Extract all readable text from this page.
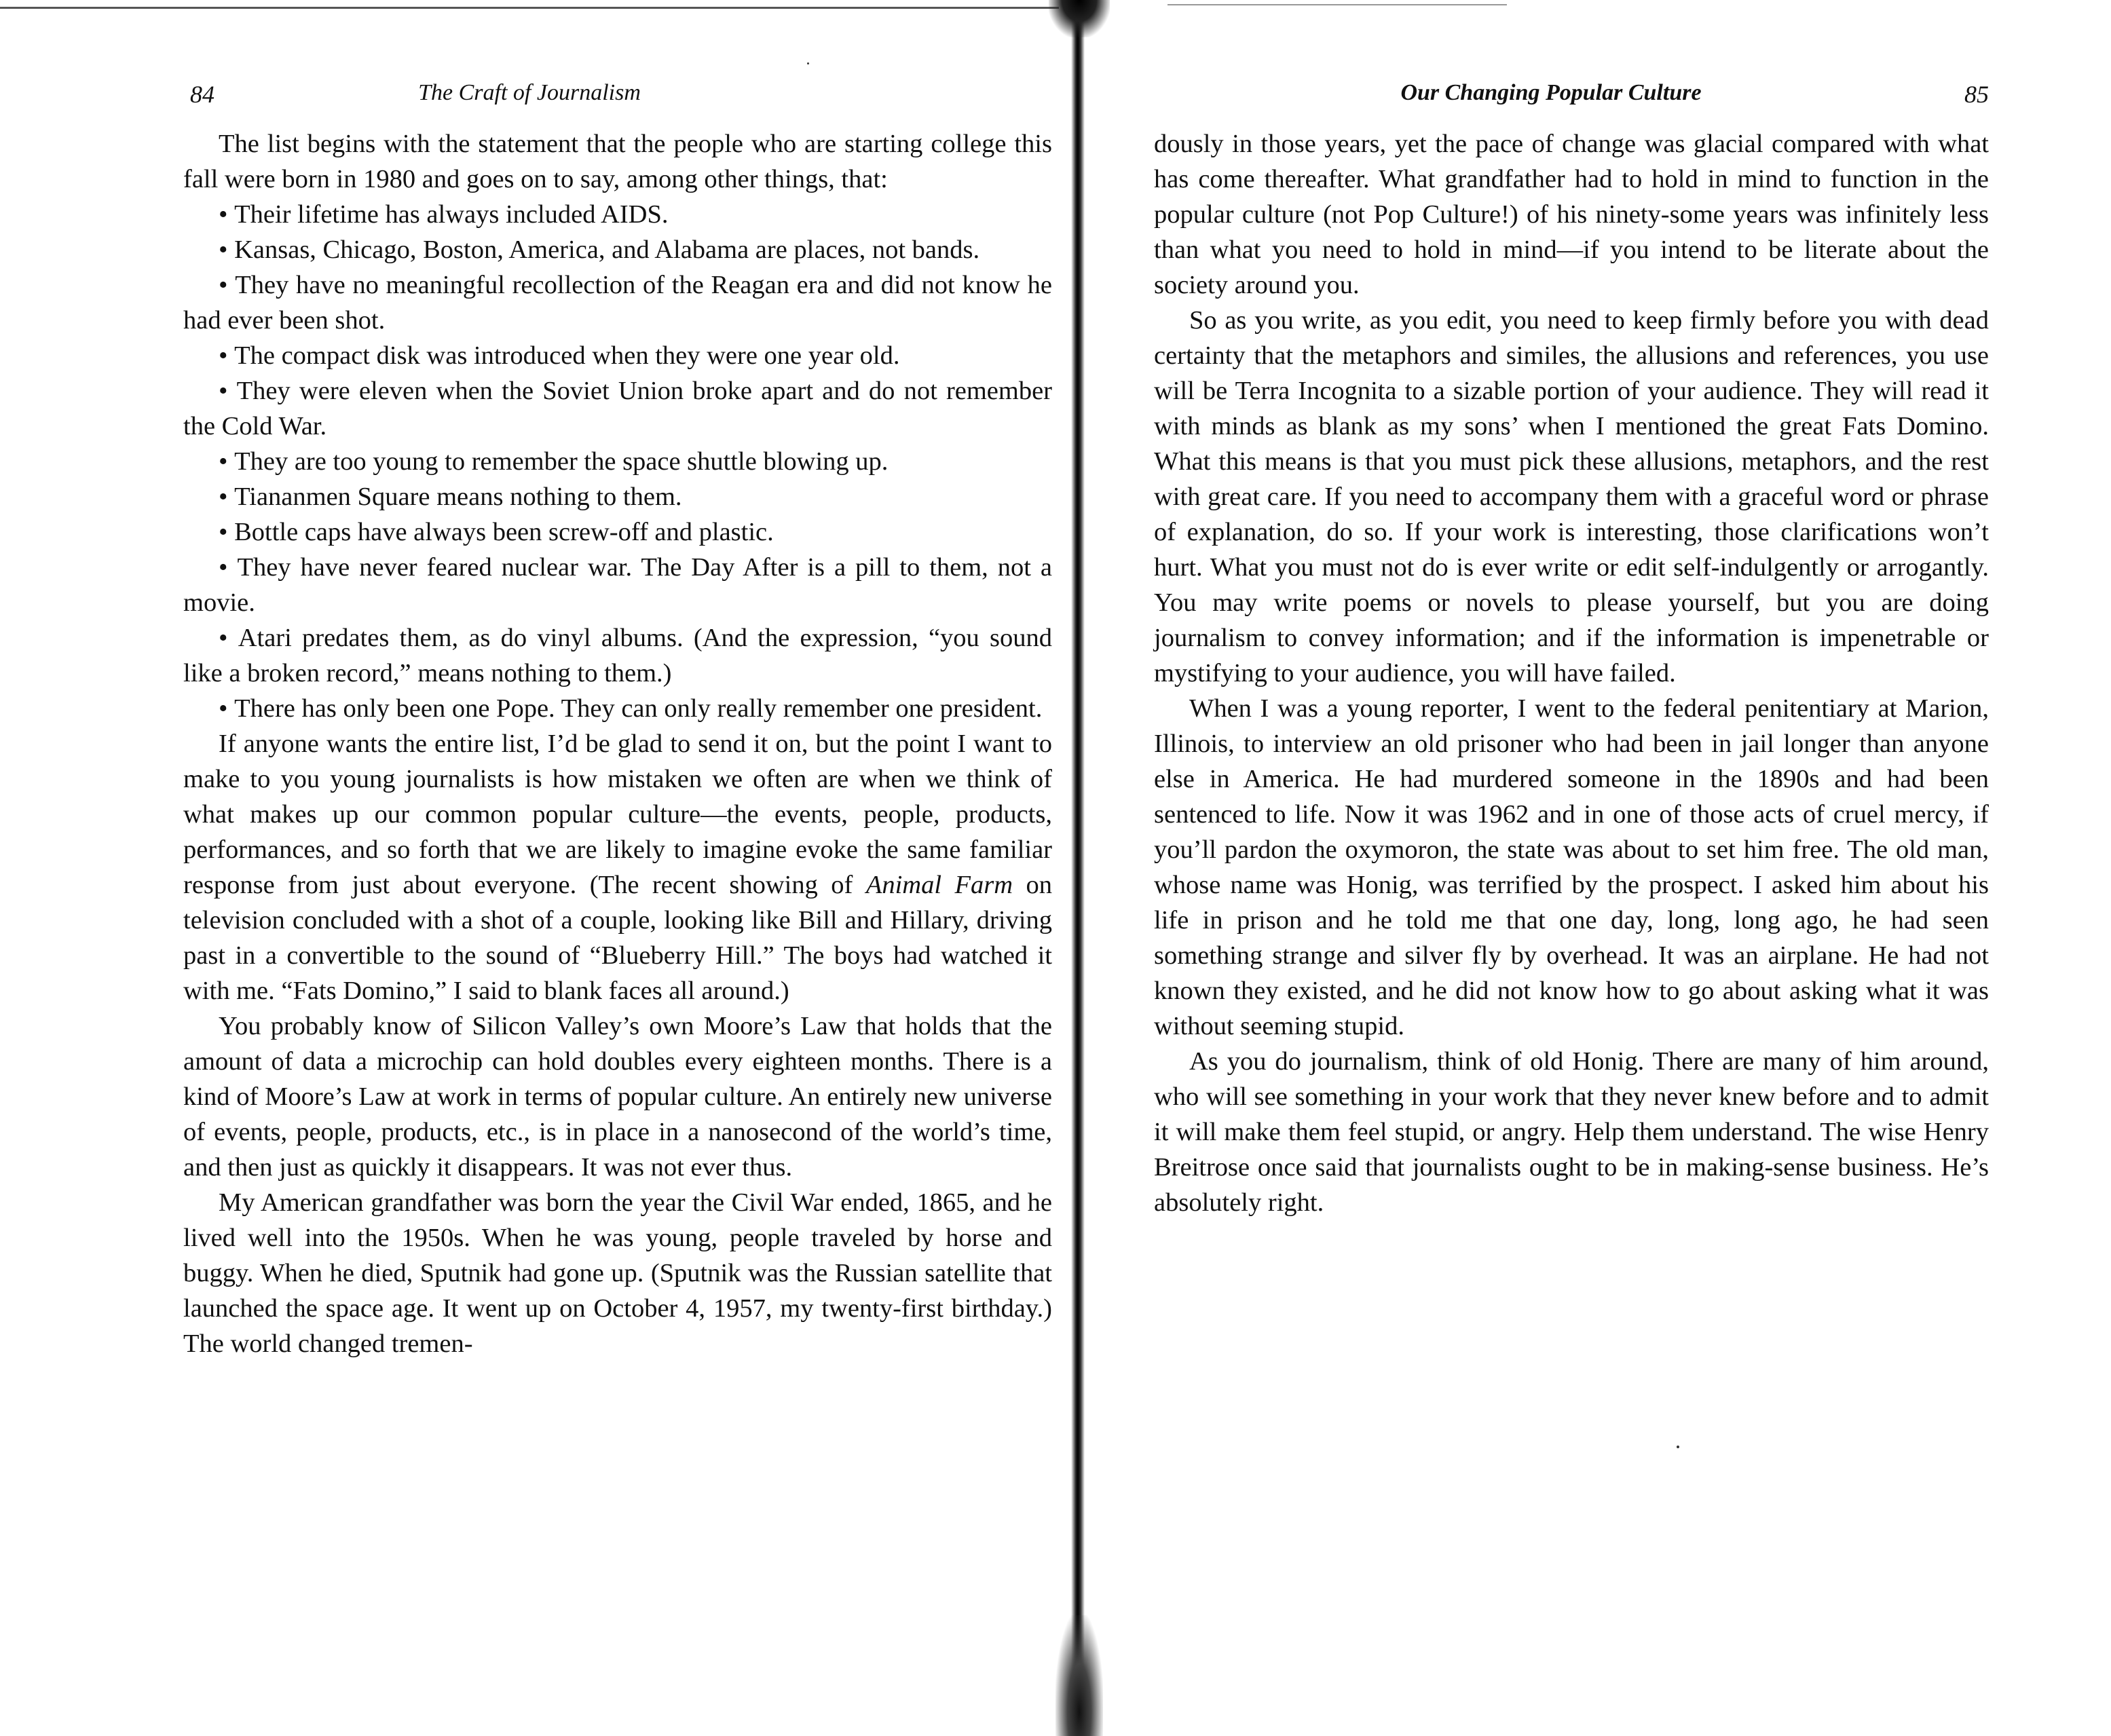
84	The Craft of Journalism

The list begins with the statement that the people who are starting college this fall were born in 1980 and goes on to say, among other things, that:

• Their lifetime has always included AIDS.

• Kansas, Chicago, Boston, America, and Alabama are places, not bands.

• They have no meaningful recollection of the Reagan era and did not know he had ever been shot.

• The compact disk was introduced when they were one year old.

• They were eleven when the Soviet Union broke apart and do not remember the Cold War.

• They are too young to remember the space shuttle blowing up.

• Tiananmen Square means nothing to them.

• Bottle caps have always been screw-off and plastic.

• They have never feared nuclear war. The Day After is a pill to them, not a movie.

• Atari predates them, as do vinyl albums. (And the expression, “you sound like a broken record,” means nothing to them.)

• There has only been one Pope. They can only really remember one president.

If anyone wants the entire list, I’d be glad to send it on, but the point I want to make to you young journalists is how mistaken we often are when we think of what makes up our common popular culture—the events, people, products, performances, and so forth that we are likely to imagine evoke the same familiar response from just about everyone. (The recent showing of Animal Farm on television concluded with a shot of a couple, looking like Bill and Hillary, driving past in a convertible to the sound of “Blueberry Hill.” The boys had watched it with me. “Fats Domino,” I said to blank faces all around.)

You probably know of Silicon Valley’s own Moore’s Law that holds that the amount of data a microchip can hold doubles every eighteen months. There is a kind of Moore’s Law at work in terms of popular culture. An entirely new universe of events, people, products, etc., is in place in a nanosecond of the world’s time, and then just as quickly it disappears. It was not ever thus.

My American grandfather was born the year the Civil War ended, 1865, and he lived well into the 1950s. When he was young, people traveled by horse and buggy. When he died, Sputnik had gone up. (Sputnik was the Russian satellite that launched the space age. It went up on October 4, 1957, my twenty-first birthday.) The world changed tremen-

Our Changing Popular Culture	85

dously in those years, yet the pace of change was glacial compared with what has come thereafter. What grandfather had to hold in mind to function in the popular culture (not Pop Culture!) of his ninety-some years was infinitely less than what you need to hold in mind—if you intend to be literate about the society around you.

So as you write, as you edit, you need to keep firmly before you with dead certainty that the metaphors and similes, the allusions and references, you use will be Terra Incognita to a sizable portion of your audience. They will read it with minds as blank as my sons’ when I mentioned the great Fats Domino. What this means is that you must pick these allusions, metaphors, and the rest with great care. If you need to accompany them with a graceful word or phrase of explanation, do so. If your work is interesting, those clarifications won’t hurt. What you must not do is ever write or edit self-indulgently or arrogantly. You may write poems or novels to please yourself, but you are doing journalism to convey information; and if the information is impenetrable or mystifying to your audience, you will have failed.

When I was a young reporter, I went to the federal penitentiary at Marion, Illinois, to interview an old prisoner who had been in jail longer than anyone else in America. He had murdered someone in the 1890s and had been sentenced to life. Now it was 1962 and in one of those acts of cruel mercy, if you’ll pardon the oxymoron, the state was about to set him free. The old man, whose name was Honig, was terrified by the prospect. I asked him about his life in prison and he told me that one day, long, long ago, he had seen something strange and silver fly by overhead. It was an airplane. He had not known they existed, and he did not know how to go about asking what it was without seeming stupid.

As you do journalism, think of old Honig. There are many of him around, who will see something in your work that they never knew before and to admit it will make them feel stupid, or angry. Help them understand. The wise Henry Breitrose once said that journalists ought to be in making-sense business. He’s absolutely right.
